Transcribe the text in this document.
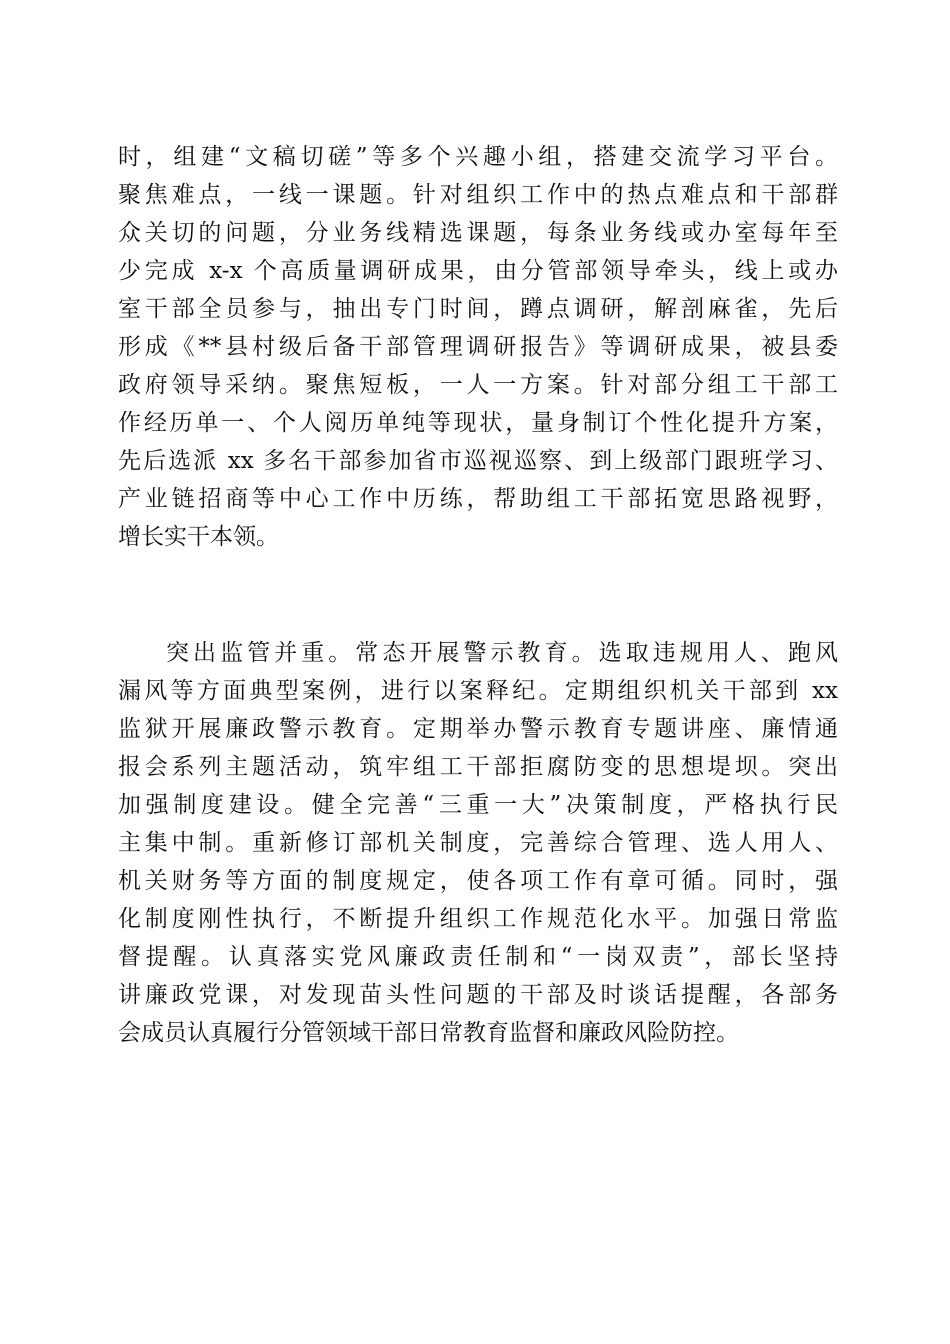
时，组建“文稿切磋”等多个兴趣小组，搭建交流学习平台。
聚焦难点，一线一课题。针对组织工作中的热点难点和干部群
众关切的问题，分业务线精选课题，每条业务线或办室每年至
少完成 x-x 个高质量调研成果，由分管部领导牵头，线上或办
室干部全员参与，抽出专门时间，蹲点调研，解剖麻雀，先后
形成《**县村级后备干部管理调研报告》等调研成果，被县委
政府领导采纳。聚焦短板，一人一方案。针对部分组工干部工
作经历单一、个人阅历单纯等现状，量身制订个性化提升方案，
先后选派 xx 多名干部参加省市巡视巡察、到上级部门跟班学习、
产业链招商等中心工作中历练，帮助组工干部拓宽思路视野，
增长实干本领。
突出监管并重。常态开展警示教育。选取违规用人、跑风
漏风等方面典型案例，进行以案释纪。定期组织机关干部到 xx
监狱开展廉政警示教育。定期举办警示教育专题讲座、廉情通
报会系列主题活动，筑牢组工干部拒腐防变的思想堤坝。突出
加强制度建设。健全完善“三重一大”决策制度，严格执行民
主集中制。重新修订部机关制度，完善综合管理、选人用人、
机关财务等方面的制度规定，使各项工作有章可循。同时，强
化制度刚性执行，不断提升组织工作规范化水平。加强日常监
督提醒。认真落实党风廉政责任制和“一岗双责”，部长坚持
讲廉政党课，对发现苗头性问题的干部及时谈话提醒，各部务
会成员认真履行分管领域干部日常教育监督和廉政风险防控。
